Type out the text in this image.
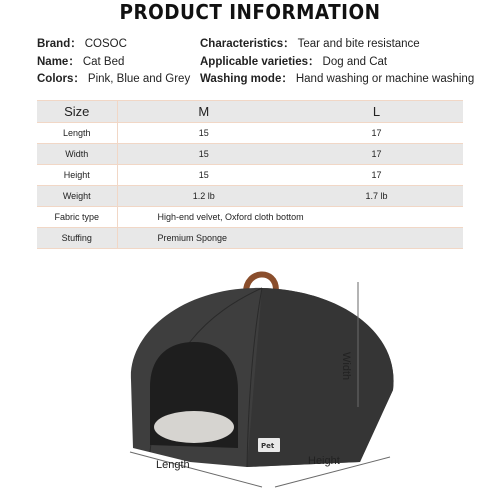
PRODUCT INFORMATION
Brand： COSOC	Characteristics： Tear and bite resistance
Name： Cat Bed	Applicable varieties： Dog and Cat
Colors： Pink, Blue and Grey Washing mode： Hand washing or machine washing
Size	M	L
Length	15	17
Width	15	17
Height	15	17
Weight	1.2 lb	1.7 lb
Fabric type	High-end velvet, Oxford cloth bottom	
Stuffing	Premium Sponge	
Pet
Width
Length	Height
